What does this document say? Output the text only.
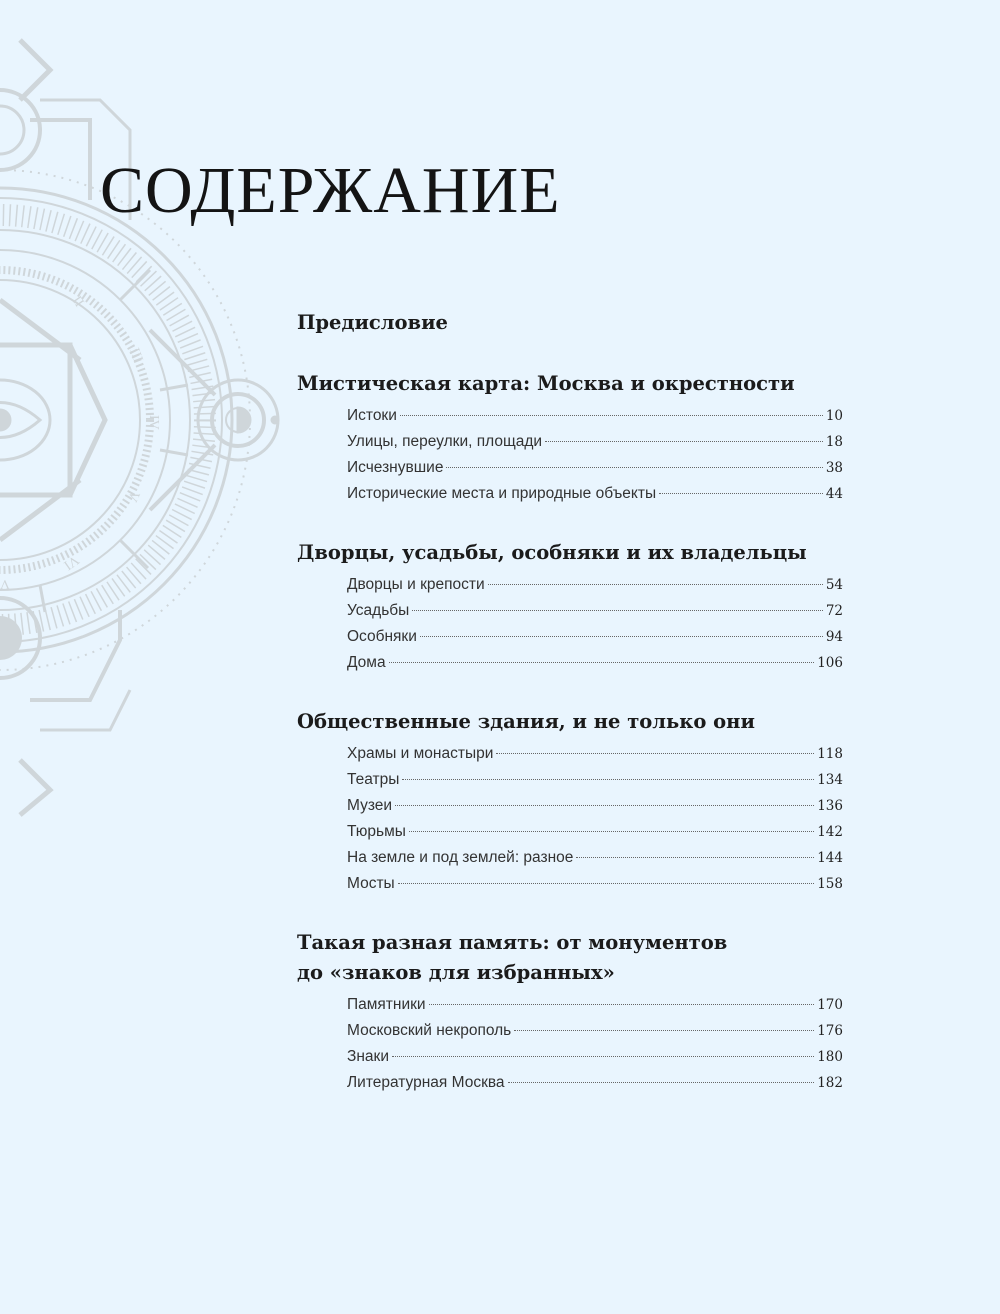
II
III
IV
V
VI
V
СОДЕРЖАНИЕ
Предисловие
Мистическая карта: Москва и окрестности
Истоки	10
Улицы, переулки, площади	18
Исчезнувшие	38
Исторические места и природные объекты	44
Дворцы, усадьбы, особняки и их владельцы
Дворцы и крепости	54
Усадьбы	72
Особняки	94
Дома	106
Общественные здания, и не только они
Храмы и монастыри	118
Театры	134
Музеи	136
Тюрьмы	142
На земле и под землей: разное	144
Мосты	158
Такая разная память: от монументов
до «знаков для избранных»
Памятники	170
Московский некрополь	176
Знаки	180
Литературная Москва	182
